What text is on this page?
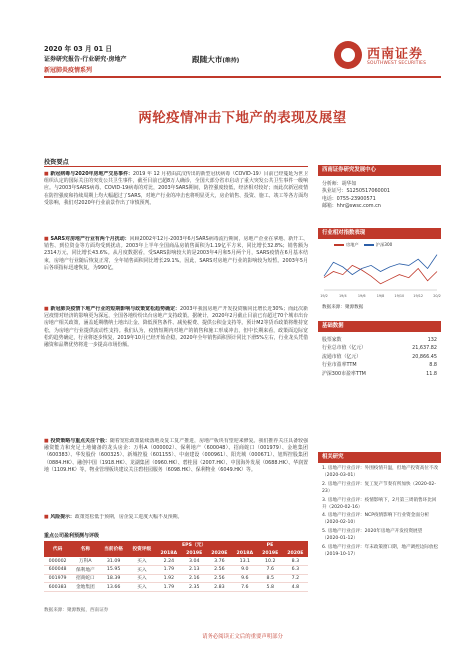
2020 年 03 月 01 日
证券研究报告·行业研究·房地产
新冠肺炎疫情系列
跟随大市(维持)	西南证券
SOUTHWEST SECURITIES
两轮疫情冲击下地产的表现及展望
投资要点
■ 新冠病毒与2020年房地产交易事件：2019 年 12 月初由武汉传出的新型冠状病毒（COVID-19）目前已经蔓延为世卫组织认定的国际关注的突发公共卫生事件，截至目前已超8万人确诊，全国大部分省市启动了重大突发公共卫生事件一级响应。与2003年SARS病毒、COVID-19病毒的对比，2003年SARS期间，防控强度较低，经济相对较好；而此次新冠疫情在防控强度和持续周期上均大幅超过了SARS，对地产行业的冲击也将明显更大，房企销售、投资、施工、竣工等各方面均受影响，我们对2020年行业前景作出了审慎预判。
■ SARS对房地产行业有两个月扰动：回顾2002年12月-2003年6月SARS病毒流行期间，房地产企业在拿地、新开工、销售、到位资金等方面均受到扰动。2003年上半年全国商品房销售面积为1.19亿平方米，同比增长32.8%；销售额为2314万元，同比增长43.6%。从月度数据看，受SARS影响较大的是2003年4月和5月两个月，SARS疫情在6月基本结束，房地产行业随后恢复正常，全年销售面积同比增长29.1%。因此，SARS对房地产行业的影响较为短暂。2003年5月后各项指标迅速恢复，为990亿，
■ 新冠肺炎疫情下地产行业的短期影响与政策宽松趋势确定：2003年我国房地产开发投资额同比增长近30%；而此次新冠疫情对经济的影响更为深远，全国各地纷纷出台房地产支持政策。据统计，2020年2月截止目前已有超过70个城市出台房地产相关政策，涵盖延期缴纳土地出让金、降低预售条件、减免税费、提供公积金支持等。预计M2等货币政策将维持宽松，为房地产行业提供流动性支持。我们认为，疫情短期内对地产的销售和施工形成冲击，但中长期来看，政策面边际宽松的趋势确定，行业将逐步恢复，2019年10月已经开始企稳，2020年全年销售面积预计同比下滑5%左右，行业龙头凭借融资和品牌优势将进一步提高市场份额。
■ 投资策略与重点关注个股：随着宽松政策陆续落地及复工复产推进，房地产板块有望迎来修复。我们推荐关注具备较强融资能力和充足土地储备的龙头房企：万科A（000002）、保利地产（600048）、招商蛇口（001979）、金地集团（600383）、华发股份（600325）、新城控股（601155）、中南建设（000961）、阳光城（000671）、旭辉控股集团（0884.HK）、融创中国（1918.HK）、龙湖集团（0960.HK）、碧桂园（2007.HK）、中国海外发展（0688.HK）、华润置地（1109.HK）等。物业管理板块建议关注碧桂园服务（6098.HK）、保利物业（6049.HK）等。
■ 风险提示：政策宽松低于预期，房企复工进度大幅不及预期。
重点公司盈利预测与评级
代码	名称	当前价格	投资评级	EPS（元）			PE		
				2018A	2019E	2020E	2018A	2019E	2020E
000002	万科A	31.09	买入	2.24	3.04	3.76	13.1	10.2	8.3
600048	保利地产	15.95	买入	1.79	2.13	2.56	9.0	7.6	6.3
001979	招商蛇口	18.39	买入	1.92	2.16	2.56	9.6	8.5	7.2
600383	金地集团	13.66	买入	1.79	2.35	2.83	7.6	5.8	4.8
数据来源：聚源数据，西南证券
请务必阅读正文后的重要声明部分
西南证券研究发展中心
分析师：胡华如
执业证号：S1250517060001
电话：0755-23900571
邮箱：hhr@swsc.com.cn
行业相对指数表现
房地产	沪深300
19/2	19/4	19/6	19/8	19/10	19/12	20/2
数据来源：聚源数据
基础数据
股票家数	132
行业总市值（亿元）	21,637.82
流通市值（亿元）	20,866.45
行业市盈率TTM	8.8
沪深300市盈率TTM	11.8
相关研究
1. 房地产行业点评：外围疫情升温，但地产投资高位不改（2020-03-01）
2. 房地产行业点评：复工复产节奏有所加快（2020-02-23）
3. 房地产行业点评：疫情影响下，2月第三周销售环比回升（2020-02-16）
4. 房地产行业点评：NCP疫情影响下行业资金面分析（2020-02-10）
5. 房地产行业点评：2020年房地产开发投资展望（2020-01-12）
6. 房地产行业点评：年末政策窗口期，地产调控边际放松（2019-10-17）
